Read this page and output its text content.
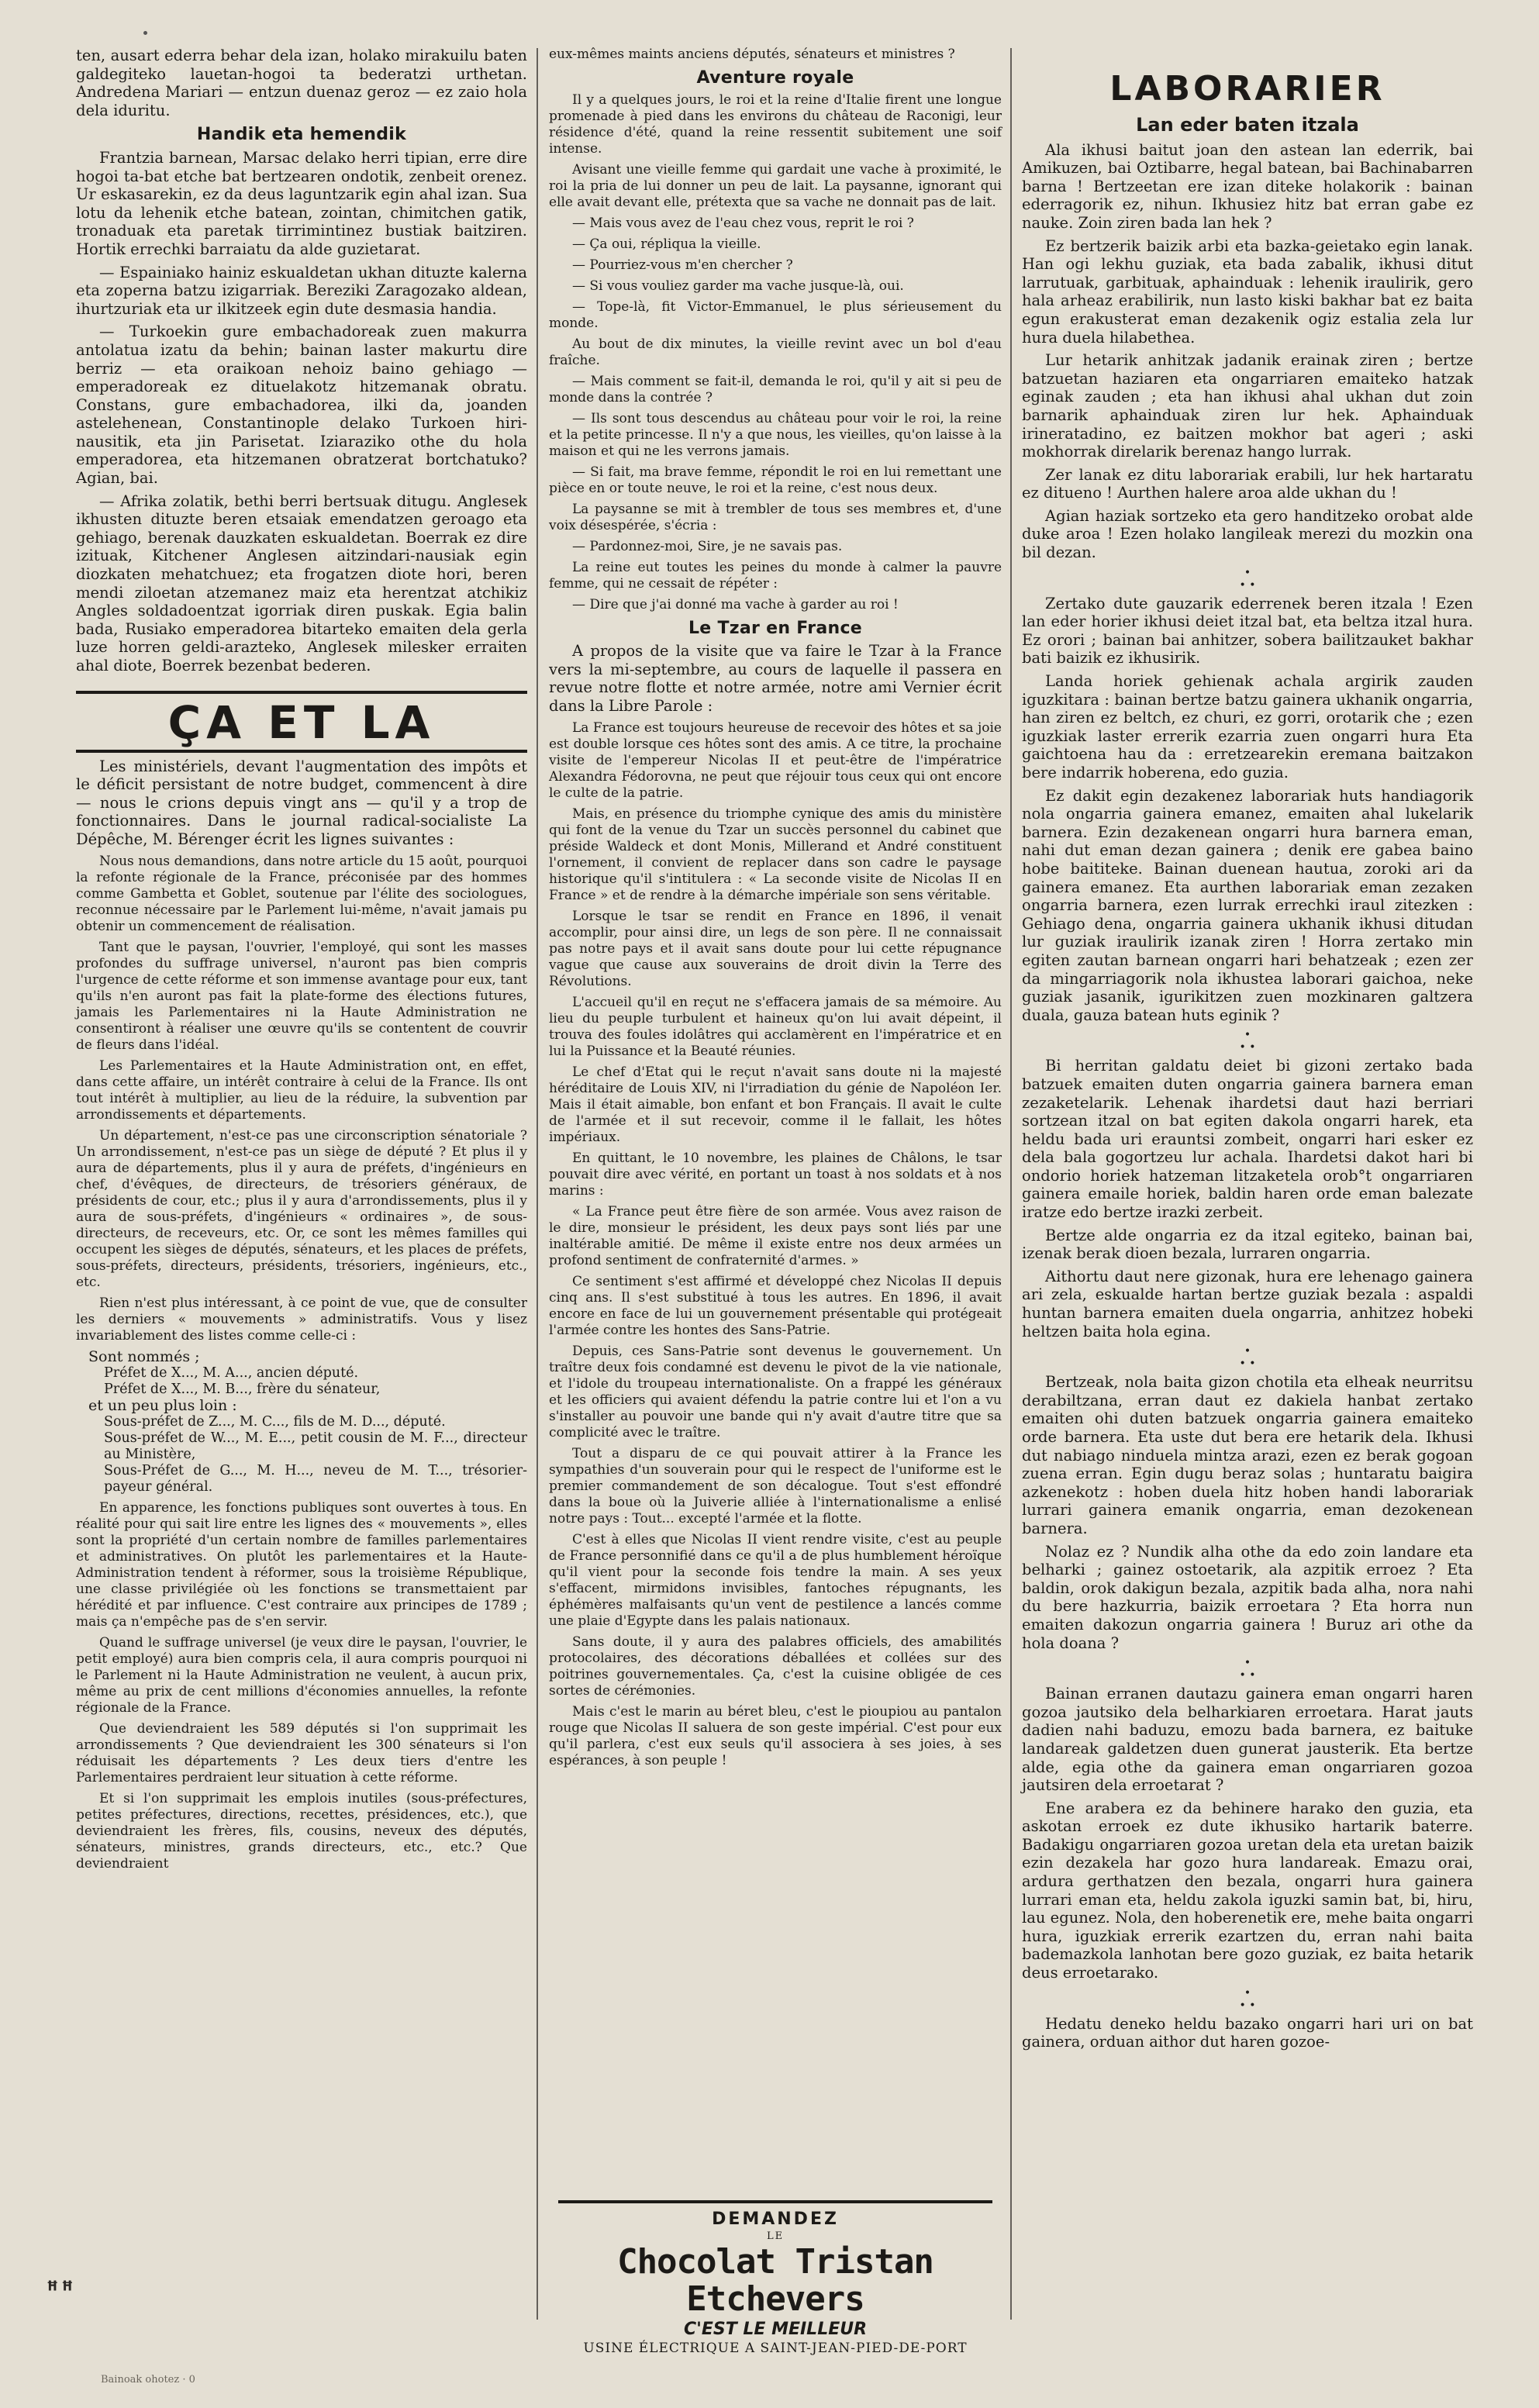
ten, ausart ederra behar dela izan, holako mirakuilu baten galdegiteko lauetan-hogoi ta bederatzi urthetan. Andredena Mariari — entzun duenaz geroz — ez zaio hola dela iduritu.

Handik eta hemendik

Frantzia barnean, Marsac delako herri tipian, erre dire hogoi ta-bat etche bat bertzearen ondotik, zenbeit orenez. Ur eskasarekin, ez da deus laguntzarik egin ahal izan. Sua lotu da lehenik etche batean, zointan, chimitchen gatik, tronaduak eta paretak tirrimintinez bustiak baitziren. Hortik errechki barraiatu da alde guzietarat.

— Espainiako hainiz eskualdetan ukhan dituzte kalerna eta zoperna batzu izigarriak. Bereziki Zaragozako aldean, ihurtzuriak eta ur ilkitzeek egin dute desmasia handia.

— Turkoekin gure embachadoreak zuen makurra antolatua izatu da behin; bainan laster makurtu dire berriz — eta oraikoan nehoiz baino gehiago — emperadoreak ez dituelakotz hitzemanak obratu. Constans, gure embachadorea, ilki da, joanden astelehenean, Constantinople delako Turkoen hiri-nausitik, eta jin Parisetat. Iziaraziko othe du hola emperadorea, eta hitzemanen obratzerat bortchatuko? Agian, bai.

— Afrika zolatik, bethi berri bertsuak ditugu. Anglesek ikhusten dituzte beren etsaiak emendatzen geroago eta gehiago, berenak dauzkaten eskualdetan. Boerrak ez dire izituak, Kitchener Anglesen aitzindari-nausiak egin diozkaten mehatchuez; eta frogatzen diote hori, beren mendi ziloetan atzemanez maiz eta herentzat atchikiz Angles soldadoentzat igorriak diren puskak. Egia balin bada, Rusiako emperadorea bitarteko emaiten dela gerla luze horren geldi-arazteko, Anglesek milesker erraiten ahal diote, Boerrek bezenbat bederen.

ÇA ET LA

Les ministériels, devant l'augmentation des impôts et le déficit persistant de notre budget, commencent à dire — nous le crions depuis vingt ans — qu'il y a trop de fonctionnaires. Dans le journal radical-socialiste La Dépêche, M. Bérenger écrit les lignes suivantes :

Nous nous demandions, dans notre article du 15 août, pourquoi la refonte régionale de la France, préconisée par des hommes comme Gambetta et Goblet, soutenue par l'élite des sociologues, reconnue nécessaire par le Parlement lui-même, n'avait jamais pu obtenir un commencement de réalisation.

Tant que le paysan, l'ouvrier, l'employé, qui sont les masses profondes du suffrage universel, n'auront pas bien compris l'urgence de cette réforme et son immense avantage pour eux, tant qu'ils n'en auront pas fait la plate-forme des élections futures, jamais les Parlementaires ni la Haute Administration ne consentiront à réaliser une œuvre qu'ils se contentent de couvrir de fleurs dans l'idéal.

Les Parlementaires et la Haute Administration ont, en effet, dans cette affaire, un intérêt contraire à celui de la France. Ils ont tout intérêt à multiplier, au lieu de la réduire, la subvention par arrondissements et départements.

Un département, n'est-ce pas une circonscription sénatoriale ? Un arrondissement, n'est-ce pas un siège de député ? Et plus il y aura de départements, plus il y aura de préfets, d'ingénieurs en chef, d'évêques, de directeurs, de trésoriers généraux, de présidents de cour, etc.; plus il y aura d'arrondissements, plus il y aura de sous-préfets, d'ingénieurs « ordinaires », de sous-directeurs, de receveurs, etc. Or, ce sont les mêmes familles qui occupent les sièges de députés, sénateurs, et les places de préfets, sous-préfets, directeurs, présidents, trésoriers, ingénieurs, etc., etc.

Rien n'est plus intéressant, à ce point de vue, que de consulter les derniers « mouvements » administratifs. Vous y lisez invariablement des listes comme celle-ci :

Sont nommés ;
Préfet de X..., M. A..., ancien député.
Préfet de X..., M. B..., frère du sénateur,
et un peu plus loin :
Sous-préfet de Z..., M. C..., fils de M. D..., député.
Sous-préfet de W..., M. E..., petit cousin de M. F..., directeur au Ministère,
Sous-Préfet de G..., M. H..., neveu de M. T..., trésorier-payeur général.

En apparence, les fonctions publiques sont ouvertes à tous. En réalité pour qui sait lire entre les lignes des « mouvements », elles sont la propriété d'un certain nombre de familles parlementaires et administratives. On plutôt les parlementaires et la Haute-Administration tendent à réformer, sous la troisième République, une classe privilégiée où les fonctions se transmettaient par hérédité et par influence. C'est contraire aux principes de 1789 ; mais ça n'empêche pas de s'en servir.

Quand le suffrage universel (je veux dire le paysan, l'ouvrier, le petit employé) aura bien compris cela, il aura compris pourquoi ni le Parlement ni la Haute Administration ne veulent, à aucun prix, même au prix de cent millions d'économies annuelles, la refonte régionale de la France.

Que deviendraient les 589 députés si l'on supprimait les arrondissements ? Que deviendraient les 300 sénateurs si l'on réduisait les départements ? Les deux tiers d'entre les Parlementaires perdraient leur situation à cette réforme.

Et si l'on supprimait les emplois inutiles (sous-préfectures, petites préfectures, directions, recettes, présidences, etc.), que deviendraient les frères, fils, cousins, neveux des députés, sénateurs, ministres, grands directeurs, etc., etc.? Que deviendraient

eux-mêmes maints anciens députés, sénateurs et ministres ?

Aventure royale

Il y a quelques jours, le roi et la reine d'Italie firent une longue promenade à pied dans les environs du château de Raconigi, leur résidence d'été, quand la reine ressentit subitement une soif intense.

Avisant une vieille femme qui gardait une vache à proximité, le roi la pria de lui donner un peu de lait. La paysanne, ignorant qui elle avait devant elle, prétexta que sa vache ne donnait pas de lait.

— Mais vous avez de l'eau chez vous, reprit le roi ?

— Ça oui, répliqua la vieille.

— Pourriez-vous m'en chercher ?

— Si vous vouliez garder ma vache jusque-là, oui.

— Tope-là, fit Victor-Emmanuel, le plus sérieusement du monde.

Au bout de dix minutes, la vieille revint avec un bol d'eau fraîche.

— Mais comment se fait-il, demanda le roi, qu'il y ait si peu de monde dans la contrée ?

— Ils sont tous descendus au château pour voir le roi, la reine et la petite princesse. Il n'y a que nous, les vieilles, qu'on laisse à la maison et qui ne les verrons jamais.

— Si fait, ma brave femme, répondit le roi en lui remettant une pièce en or toute neuve, le roi et la reine, c'est nous deux.

La paysanne se mit à trembler de tous ses membres et, d'une voix désespérée, s'écria :

— Pardonnez-moi, Sire, je ne savais pas.

La reine eut toutes les peines du monde à calmer la pauvre femme, qui ne cessait de répéter :

— Dire que j'ai donné ma vache à garder au roi !

Le Tzar en France

A propos de la visite que va faire le Tzar à la France vers la mi-septembre, au cours de laquelle il passera en revue notre flotte et notre armée, notre ami Vernier écrit dans la Libre Parole :

La France est toujours heureuse de recevoir des hôtes et sa joie est double lorsque ces hôtes sont des amis. A ce titre, la prochaine visite de l'empereur Nicolas II et peut-être de l'impératrice Alexandra Fédorovna, ne peut que réjouir tous ceux qui ont encore le culte de la patrie.

Mais, en présence du triomphe cynique des amis du ministère qui font de la venue du Tzar un succès personnel du cabinet que préside Waldeck et dont Monis, Millerand et André constituent l'ornement, il convient de replacer dans son cadre le paysage historique qu'il s'intitulera : « La seconde visite de Nicolas II en France » et de rendre à la démarche impériale son sens véritable.

Lorsque le tsar se rendit en France en 1896, il venait accomplir, pour ainsi dire, un legs de son père. Il ne connaissait pas notre pays et il avait sans doute pour lui cette répugnance vague que cause aux souverains de droit divin la Terre des Révolutions.

L'accueil qu'il en reçut ne s'effacera jamais de sa mémoire. Au lieu du peuple turbulent et haineux qu'on lui avait dépeint, il trouva des foules idolâtres qui acclamèrent en l'impératrice et en lui la Puissance et la Beauté réunies.

Le chef d'Etat qui le reçut n'avait sans doute ni la majesté héréditaire de Louis XIV, ni l'irradiation du génie de Napoléon Ier. Mais il était aimable, bon enfant et bon Français. Il avait le culte de l'armée et il sut recevoir, comme il le fallait, les hôtes impériaux.

En quittant, le 10 novembre, les plaines de Châlons, le tsar pouvait dire avec vérité, en portant un toast à nos soldats et à nos marins :

« La France peut être fière de son armée. Vous avez raison de le dire, monsieur le président, les deux pays sont liés par une inaltérable amitié. De même il existe entre nos deux armées un profond sentiment de confraternité d'armes. »

Ce sentiment s'est affirmé et développé chez Nicolas II depuis cinq ans. Il s'est substitué à tous les autres. En 1896, il avait encore en face de lui un gouvernement présentable qui protégeait l'armée contre les hontes des Sans-Patrie.

Depuis, ces Sans-Patrie sont devenus le gouvernement. Un traître deux fois condamné est devenu le pivot de la vie nationale, et l'idole du troupeau internationaliste. On a frappé les généraux et les officiers qui avaient défendu la patrie contre lui et l'on a vu s'installer au pouvoir une bande qui n'y avait d'autre titre que sa complicité avec le traître.

Tout a disparu de ce qui pouvait attirer à la France les sympathies d'un souverain pour qui le respect de l'uniforme est le premier commandement de son décalogue. Tout s'est effondré dans la boue où la Juiverie alliée à l'internationalisme a enlisé notre pays : Tout... excepté l'armée et la flotte.

C'est à elles que Nicolas II vient rendre visite, c'est au peuple de France personnifié dans ce qu'il a de plus humblement héroïque qu'il vient pour la seconde fois tendre la main. A ses yeux s'effacent, mirmidons invisibles, fantoches répugnants, les éphémères malfaisants qu'un vent de pestilence a lancés comme une plaie d'Egypte dans les palais nationaux.

Sans doute, il y aura des palabres officiels, des amabilités protocolaires, des décorations déballées et collées sur des poitrines gouvernementales. Ça, c'est la cuisine obligée de ces sortes de cérémonies.

Mais c'est le marin au béret bleu, c'est le pioupiou au pantalon rouge que Nicolas II saluera de son geste impérial. C'est pour eux qu'il parlera, c'est eux seuls qu'il associera à ses joies, à ses espérances, à son peuple !

DEMANDEZ
LE
Chocolat Tristan Etchevers
C'EST LE MEILLEUR
USINE ÉLECTRIQUE A SAINT-JEAN-PIED-DE-PORT
LABORARIER
Lan eder baten itzala

Ala ikhusi baitut joan den astean lan ederrik, bai Amikuzen, bai Oztibarre, hegal batean, bai Bachinabarren barna ! Bertzeetan ere izan diteke holakorik : bainan ederragorik ez, nihun. Ikhusiez hitz bat erran gabe ez nauke. Zoin ziren bada lan hek ?

Ez bertzerik baizik arbi eta bazka-geietako egin lanak. Han ogi lekhu guziak, eta bada zabalik, ikhusi ditut larrutuak, garbituak, aphainduak : lehenik iraulirik, gero hala arheaz erabilirik, nun lasto kiski bakhar bat ez baita egun erakusterat eman dezakenik ogiz estalia zela lur hura duela hilabethea.

Lur hetarik anhitzak jadanik erainak ziren ; bertze batzuetan haziaren eta ongarriaren emaiteko hatzak eginak zauden ; eta han ikhusi ahal ukhan dut zoin barnarik aphainduak ziren lur hek. Aphainduak irineratadino, ez baitzen mokhor bat ageri ; aski mokhorrak direlarik berenaz hango lurrak.

Zer lanak ez ditu laborariak erabili, lur hek hartaratu ez ditueno ! Aurthen halere aroa alde ukhan du !

Agian haziak sortzeko eta gero handitzeko orobat alde duke aroa ! Ezen holako langileak merezi du mozkin ona bil dezan.

•
• •

Zertako dute gauzarik ederrenek beren itzala ! Ezen lan eder horier ikhusi deiet itzal bat, eta beltza itzal hura. Ez orori ; bainan bai anhitzer, sobera bailitzauket bakhar bati baizik ez ikhusirik.

Landa horiek gehienak achala argirik zauden iguzkitara : bainan bertze batzu gainera ukhanik ongarria, han ziren ez beltch, ez churi, ez gorri, orotarik che ; ezen iguzkiak laster errerik ezarria zuen ongarri hura Eta gaichtoena hau da : erretzearekin eremana baitzakon bere indarrik hoberena, edo guzia.

Ez dakit egin dezakenez laborariak huts handiagorik nola ongarria gainera emanez, emaiten ahal lukelarik barnera. Ezin dezakenean ongarri hura barnera eman, nahi dut eman dezan gainera ; denik ere gabea baino hobe baititeke. Bainan duenean hautua, zoroki ari da gainera emanez. Eta aurthen laborariak eman zezaken ongarria barnera, ezen lurrak errechki iraul zitezken : Gehiago dena, ongarria gainera ukhanik ikhusi ditudan lur guziak iraulirik izanak ziren ! Horra zertako min egiten zautan barnean ongarri hari behatzeak ; ezen zer da mingarriagorik nola ikhustea laborari gaichoa, neke guziak jasanik, igurikitzen zuen mozkinaren galtzera duala, gauza batean huts eginik ?

•
• •

Bi herritan galdatu deiet bi gizoni zertako bada batzuek emaiten duten ongarria gainera barnera eman zezaketelarik. Lehenak ihardetsi daut hazi berriari sortzean itzal on bat egiten dakola ongarri harek, eta heldu bada uri erauntsi zombeit, ongarri hari esker ez dela bala gogortzeu lur achala. Ihardetsi dakot hari bi ondorio horiek hatzeman litzaketela orob°t ongarriaren gainera emaile horiek, baldin haren orde eman balezate iratze edo bertze irazki zerbeit.

Bertze alde ongarria ez da itzal egiteko, bainan bai, izenak berak dioen bezala, lurraren ongarria.

Aithortu daut nere gizonak, hura ere lehenago gainera ari zela, eskualde hartan bertze guziak bezala : aspaldi huntan barnera emaiten duela ongarria, anhitzez hobeki heltzen baita hola egina.

•
• •

Bertzeak, nola baita gizon chotila eta elheak neurritsu derabiltzana, erran daut ez dakiela hanbat zertako emaiten ohi duten batzuek ongarria gainera emaiteko orde barnera. Eta uste dut bera ere hetarik dela. Ikhusi dut nabiago ninduela mintza arazi, ezen ez berak gogoan zuena erran. Egin dugu beraz solas ; huntaratu baigira azkenekotz : hoben duela hitz hoben handi laborariak lurrari gainera emanik ongarria, eman dezokenean barnera.

Nolaz ez ? Nundik alha othe da edo zoin landare eta belharki ; gainez ostoetarik, ala azpitik erroez ? Eta baldin, orok dakigun bezala, azpitik bada alha, nora nahi du bere hazkurria, baizik erroetara ? Eta horra nun emaiten dakozun ongarria gainera ! Buruz ari othe da hola doana ?

•
• •

Bainan erranen dautazu gainera eman ongarri haren gozoa jautsiko dela belharkiaren erroetara. Harat jauts dadien nahi baduzu, emozu bada barnera, ez baituke landareak galdetzen duen gunerat jausterik. Eta bertze alde, egia othe da gainera eman ongarriaren gozoa jautsiren dela erroetarat ?

Ene arabera ez da behinere harako den guzia, eta askotan erroek ez dute ikhusiko hartarik baterre. Badakigu ongarriaren gozoa uretan dela eta uretan baizik ezin dezakela har gozo hura landareak. Emazu orai, ardura gerthatzen den bezala, ongarri hura gainera lurrari eman eta, heldu zakola iguzki samin bat, bi, hiru, lau egunez. Nola, den hoberenetik ere, mehe baita ongarri hura, iguzkiak errerik ezartzen du, erran nahi baita bademazkola lanhotan bere gozo guziak, ez baita hetarik deus erroetarako.

•
• •

Hedatu deneko heldu bazako ongarri hari uri on bat gainera, orduan aithor dut haren gozoe-

ꟸꟸ
Bainoak ohotez · 0
